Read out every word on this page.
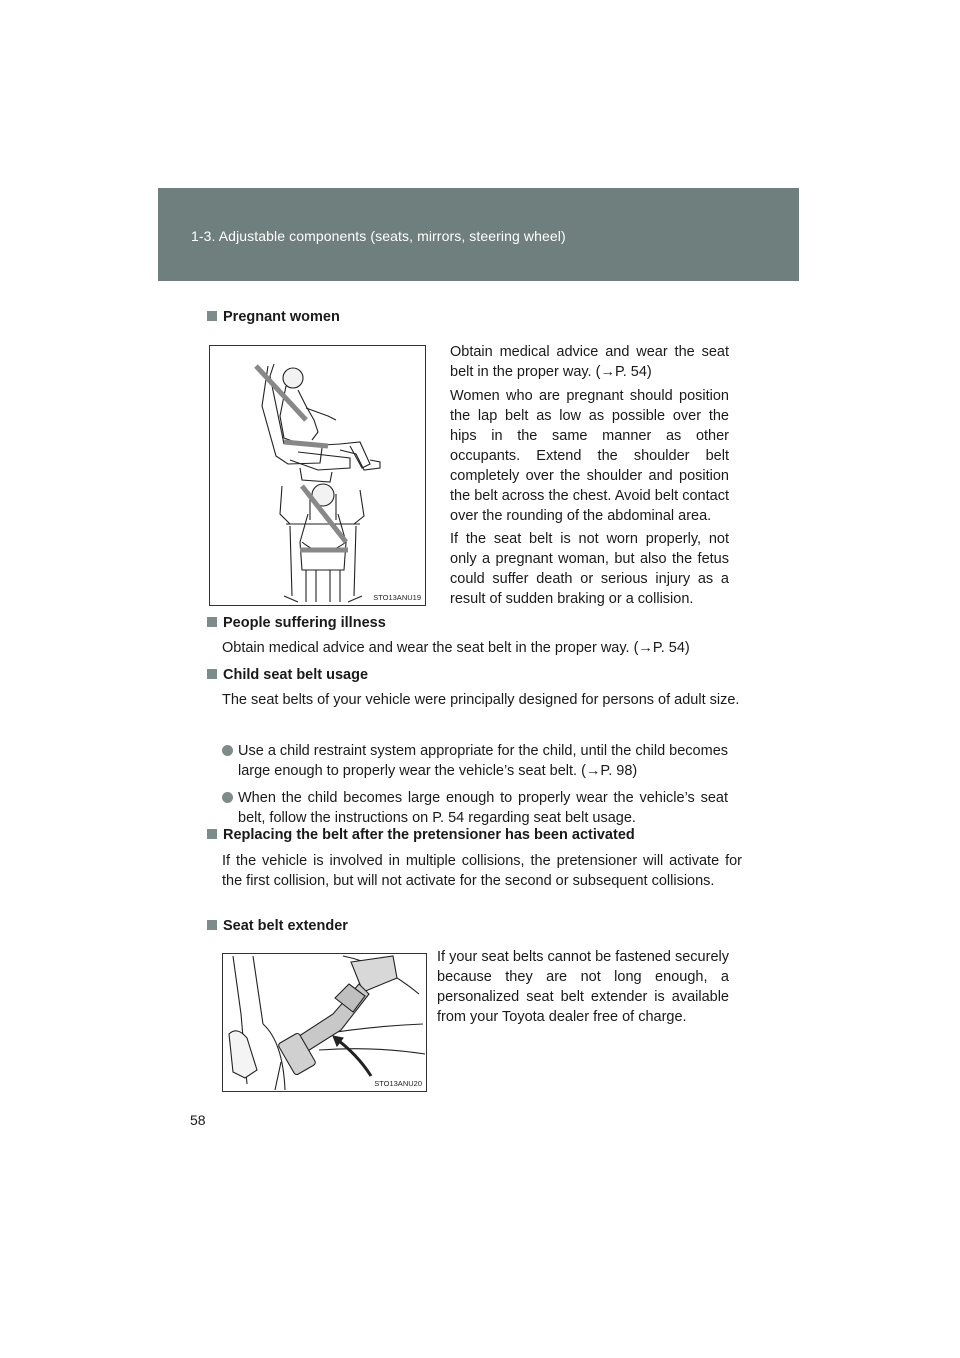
1-3. Adjustable components (seats, mirrors, steering wheel)
Pregnant women
STO13ANU19
Obtain medical advice and wear the seat belt in the proper way. (→P. 54)
Women who are pregnant should position the lap belt as low as possible over the hips in the same manner as other occupants. Extend the shoulder belt completely over the shoulder and position the belt across the chest. Avoid belt contact over the rounding of the abdominal area.
If the seat belt is not worn properly, not only a pregnant woman, but also the fetus could suffer death or serious injury as a result of sudden braking or a collision.
People suffering illness
Obtain medical advice and wear the seat belt in the proper way. (→P. 54)
Child seat belt usage
The seat belts of your vehicle were principally designed for persons of adult size.
Use a child restraint system appropriate for the child, until the child becomes large enough to properly wear the vehicle’s seat belt. (→P. 98)
When the child becomes large enough to properly wear the vehicle’s seat belt, follow the instructions on P. 54 regarding seat belt usage.
Replacing the belt after the pretensioner has been activated
If the vehicle is involved in multiple collisions, the pretensioner will activate for the first collision, but will not activate for the second or subsequent collisions.
Seat belt extender
STO13ANU20
If your seat belts cannot be fastened securely because they are not long enough, a personalized seat belt extender is available from your Toyota dealer free of charge.
58
